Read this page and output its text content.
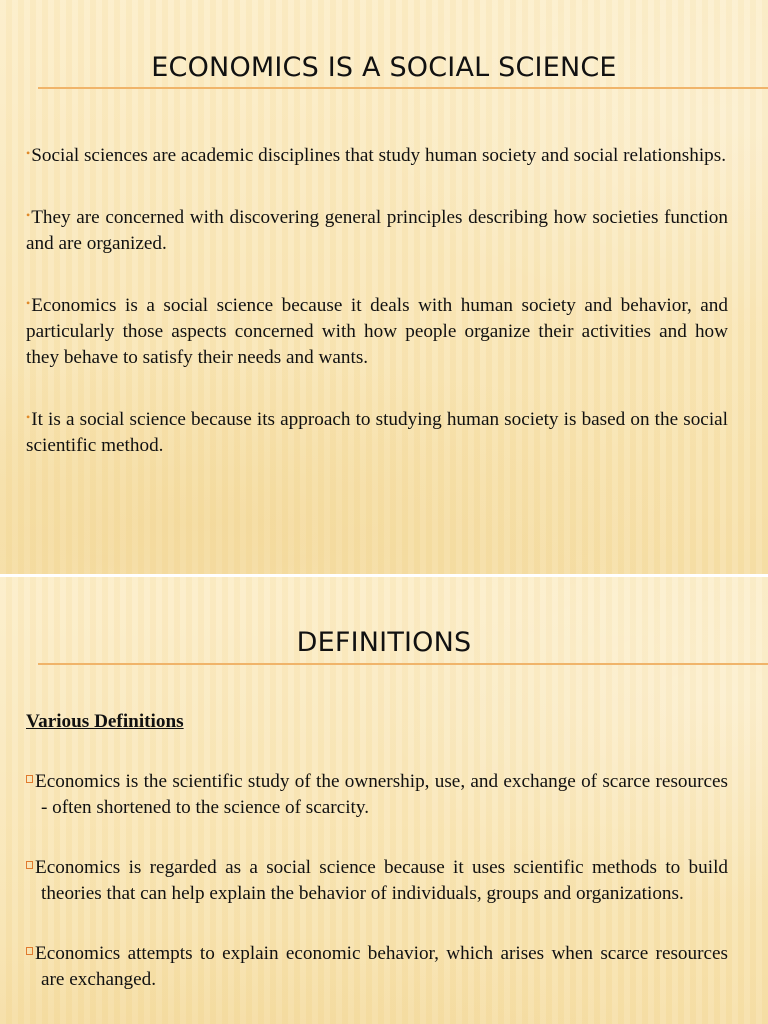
ECONOMICS IS A SOCIAL SCIENCE

•Social sciences are academic disciplines that study human society and social relationships.

•They are concerned with discovering general principles describing how societies function and are organized.

•Economics is a social science because it deals with human society and behavior, and particularly those aspects concerned with how people organize their activities and how they behave to satisfy their needs and wants.

•It is a social science because its approach to studying human society is based on the social scientific method.

DEFINITIONS

Various Definitions

Economics is the scientific study of the ownership, use, and exchange of scarce resources - often shortened to the science of scarcity.

Economics is regarded as a social science because it uses scientific methods to build theories that can help explain the behavior of individuals, groups and organizations.

Economics attempts to explain economic behavior, which arises when scarce resources are exchanged.
